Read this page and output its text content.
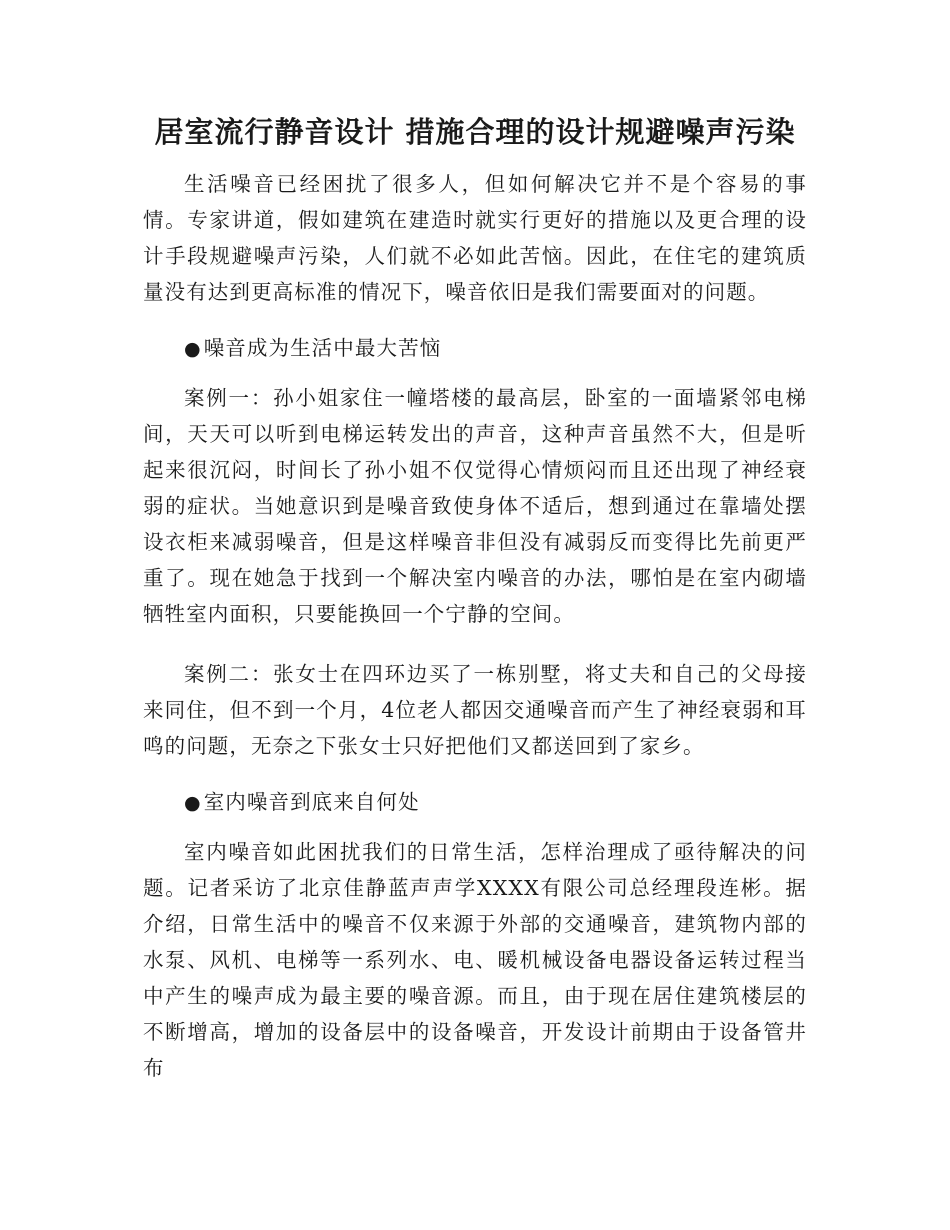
居室流行静音设计 措施合理的设计规避噪声污染

生活噪音已经困扰了很多人，但如何解决它并不是个容易的事情。专家讲道，假如建筑在建造时就实行更好的措施以及更合理的设计手段规避噪声污染，人们就不必如此苦恼。因此，在住宅的建筑质量没有达到更高标准的情况下，噪音依旧是我们需要面对的问题。

●噪音成为生活中最大苦恼

案例一：孙小姐家住一幢塔楼的最高层，卧室的一面墙紧邻电梯间，天天可以听到电梯运转发出的声音，这种声音虽然不大，但是听起来很沉闷，时间长了孙小姐不仅觉得心情烦闷而且还出现了神经衰弱的症状。当她意识到是噪音致使身体不适后，想到通过在靠墙处摆设衣柜来减弱噪音，但是这样噪音非但没有减弱反而变得比先前更严重了。现在她急于找到一个解决室内噪音的办法，哪怕是在室内砌墙牺牲室内面积，只要能换回一个宁静的空间。

案例二：张女士在四环边买了一栋别墅，将丈夫和自己的父母接来同住，但不到一个月，4位老人都因交通噪音而产生了神经衰弱和耳鸣的问题，无奈之下张女士只好把他们又都送回到了家乡。

●室内噪音到底来自何处

室内噪音如此困扰我们的日常生活，怎样治理成了亟待解决的问题。记者采访了北京佳静蓝声声学XXXX有限公司总经理段连彬。据介绍，日常生活中的噪音不仅来源于外部的交通噪音，建筑物内部的水泵、风机、电梯等一系列水、电、暖机械设备电器设备运转过程当中产生的噪声成为最主要的噪音源。而且，由于现在居住建筑楼层的不断增高，增加的设备层中的设备噪音，开发设计前期由于设备管井布
